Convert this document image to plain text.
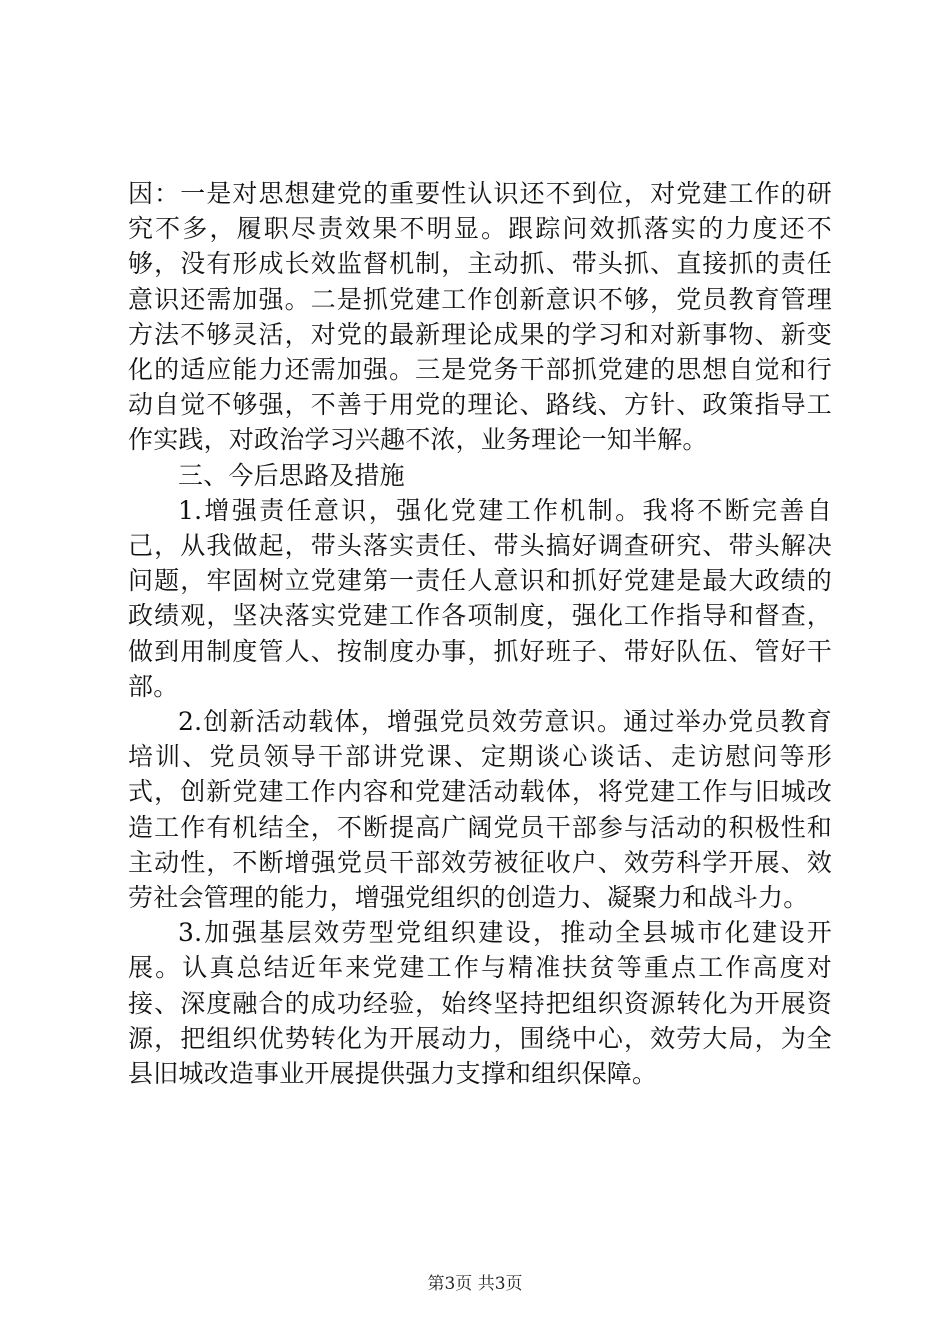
因：一是对思想建党的重要性认识还不到位，对党建工作的研究不多，履职尽责效果不明显。跟踪问效抓落实的力度还不够，没有形成长效监督机制，主动抓、带头抓、直接抓的责任意识还需加强。二是抓党建工作创新意识不够，党员教育管理方法不够灵活，对党的最新理论成果的学习和对新事物、新变化的适应能力还需加强。三是党务干部抓党建的思想自觉和行动自觉不够强，不善于用党的理论、路线、方针、政策指导工作实践，对政治学习兴趣不浓，业务理论一知半解。

三、今后思路及措施

1.增强责任意识，强化党建工作机制。我将不断完善自己，从我做起，带头落实责任、带头搞好调查研究、带头解决问题，牢固树立党建第一责任人意识和抓好党建是最大政绩的政绩观，坚决落实党建工作各项制度，强化工作指导和督查，做到用制度管人、按制度办事，抓好班子、带好队伍、管好干部。

2.创新活动载体，增强党员效劳意识。通过举办党员教育培训、党员领导干部讲党课、定期谈心谈话、走访慰问等形式，创新党建工作内容和党建活动载体，将党建工作与旧城改造工作有机结全，不断提高广阔党员干部参与活动的积极性和主动性，不断增强党员干部效劳被征收户、效劳科学开展、效劳社会管理的能力，增强党组织的创造力、凝聚力和战斗力。

3.加强基层效劳型党组织建设，推动全县城市化建设开展。认真总结近年来党建工作与精准扶贫等重点工作高度对接、深度融合的成功经验，始终坚持把组织资源转化为开展资源，把组织优势转化为开展动力，围绕中心，效劳大局，为全县旧城改造事业开展提供强力支撑和组织保障。

第3页 共3页
